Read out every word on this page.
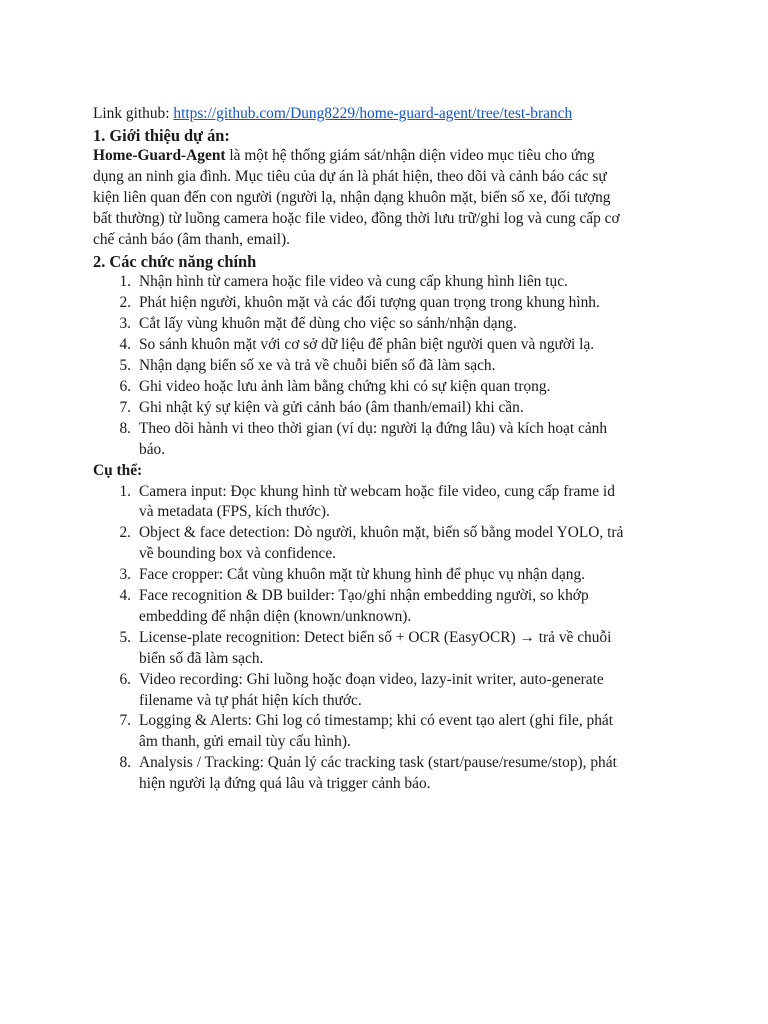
Link github: https://github.com/Dung8229/home-guard-agent/tree/test-branch

1. Giới thiệu dự án:
Home‑Guard‑Agent là một hệ thống giám sát/nhận diện video mục tiêu cho ứng
dụng an ninh gia đình. Mục tiêu của dự án là phát hiện, theo dõi và cảnh báo các sự
kiện liên quan đến con người (người lạ, nhận dạng khuôn mặt, biển số xe, đối tượng
bất thường) từ luồng camera hoặc file video, đồng thời lưu trữ/ghi log và cung cấp cơ
chế cảnh báo (âm thanh, email).
2. Các chức năng chính
1. Nhận hình từ camera hoặc file video và cung cấp khung hình liên tục.
2. Phát hiện người, khuôn mặt và các đối tượng quan trọng trong khung hình.
3. Cắt lấy vùng khuôn mặt để dùng cho việc so sánh/nhận dạng.
4. So sánh khuôn mặt với cơ sở dữ liệu để phân biệt người quen và người lạ.
5. Nhận dạng biển số xe và trả về chuỗi biển số đã làm sạch.
6. Ghi video hoặc lưu ảnh làm bằng chứng khi có sự kiện quan trọng.
7. Ghi nhật ký sự kiện và gửi cảnh báo (âm thanh/email) khi cần.
8. Theo dõi hành vi theo thời gian (ví dụ: người lạ đứng lâu) và kích hoạt cảnh
báo.

Cụ thể:

1. Camera input: Đọc khung hình từ webcam hoặc file video, cung cấp frame id
và metadata (FPS, kích thước).
2. Object & face detection: Dò người, khuôn mặt, biển số bằng model YOLO, trả
về bounding box và confidence.
3. Face cropper: Cắt vùng khuôn mặt từ khung hình để phục vụ nhận dạng.
4. Face recognition & DB builder: Tạo/ghi nhận embedding người, so khớp
embedding để nhận diện (known/unknown).
5. License-plate recognition: Detect biển số + OCR (EasyOCR) → trả về chuỗi
biển số đã làm sạch.
6. Video recording: Ghi luồng hoặc đoạn video, lazy-init writer, auto-generate
filename và tự phát hiện kích thước.
7. Logging & Alerts: Ghi log có timestamp; khi có event tạo alert (ghi file, phát
âm thanh, gửi email tùy cấu hình).
8. Analysis / Tracking: Quản lý các tracking task (start/pause/resume/stop), phát
hiện người lạ đứng quá lâu và trigger cảnh báo.
